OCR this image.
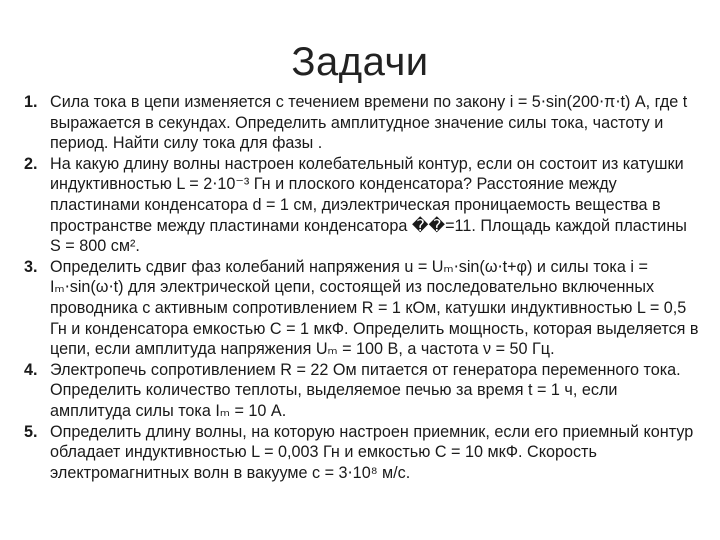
Задачи
1. Сила тока в цепи изменяется с течением времени по закону i = 5⋅sin(200⋅π⋅t) А, где t выражается в секундах. Определить амплитудное значение силы тока, частоту и период. Найти силу тока для фазы .
2. На какую длину волны настроен колебательный контур, если он состоит из катушки индуктивностью L = 2⋅10⁻³ Гн и плоского конденсатора? Расстояние между пластинами конденсатора d = 1 см, диэлектрическая проницаемость вещества в пространстве между пластинами конденсатора ��=11. Площадь каждой пластины S = 800 см².
3. Определить сдвиг фаз колебаний напряжения u = Uₘ⋅sin(ω⋅t+φ) и силы тока i = Iₘ⋅sin(ω⋅t) для электрической цепи, состоящей из последовательно включенных проводника с активным сопротивлением R = 1 кОм, катушки индуктивностью L = 0,5 Гн и конденсатора емкостью С = 1 мкФ. Определить мощность, которая выделяется в цепи, если амплитуда напряжения Uₘ = 100 В, а частота ν = 50 Гц.
4. Электропечь сопротивлением R = 22 Ом питается от генератора переменного тока. Определить количество теплоты, выделяемое печью за время t = 1 ч, если амплитуда силы тока Iₘ = 10 А.
5. Определить длину волны, на которую настроен приемник, если его приемный контур обладает индуктивностью L = 0,003 Гн и емкостью С = 10 мкФ. Скорость электромагнитных волн в вакууме c = 3⋅10⁸ м/с.
